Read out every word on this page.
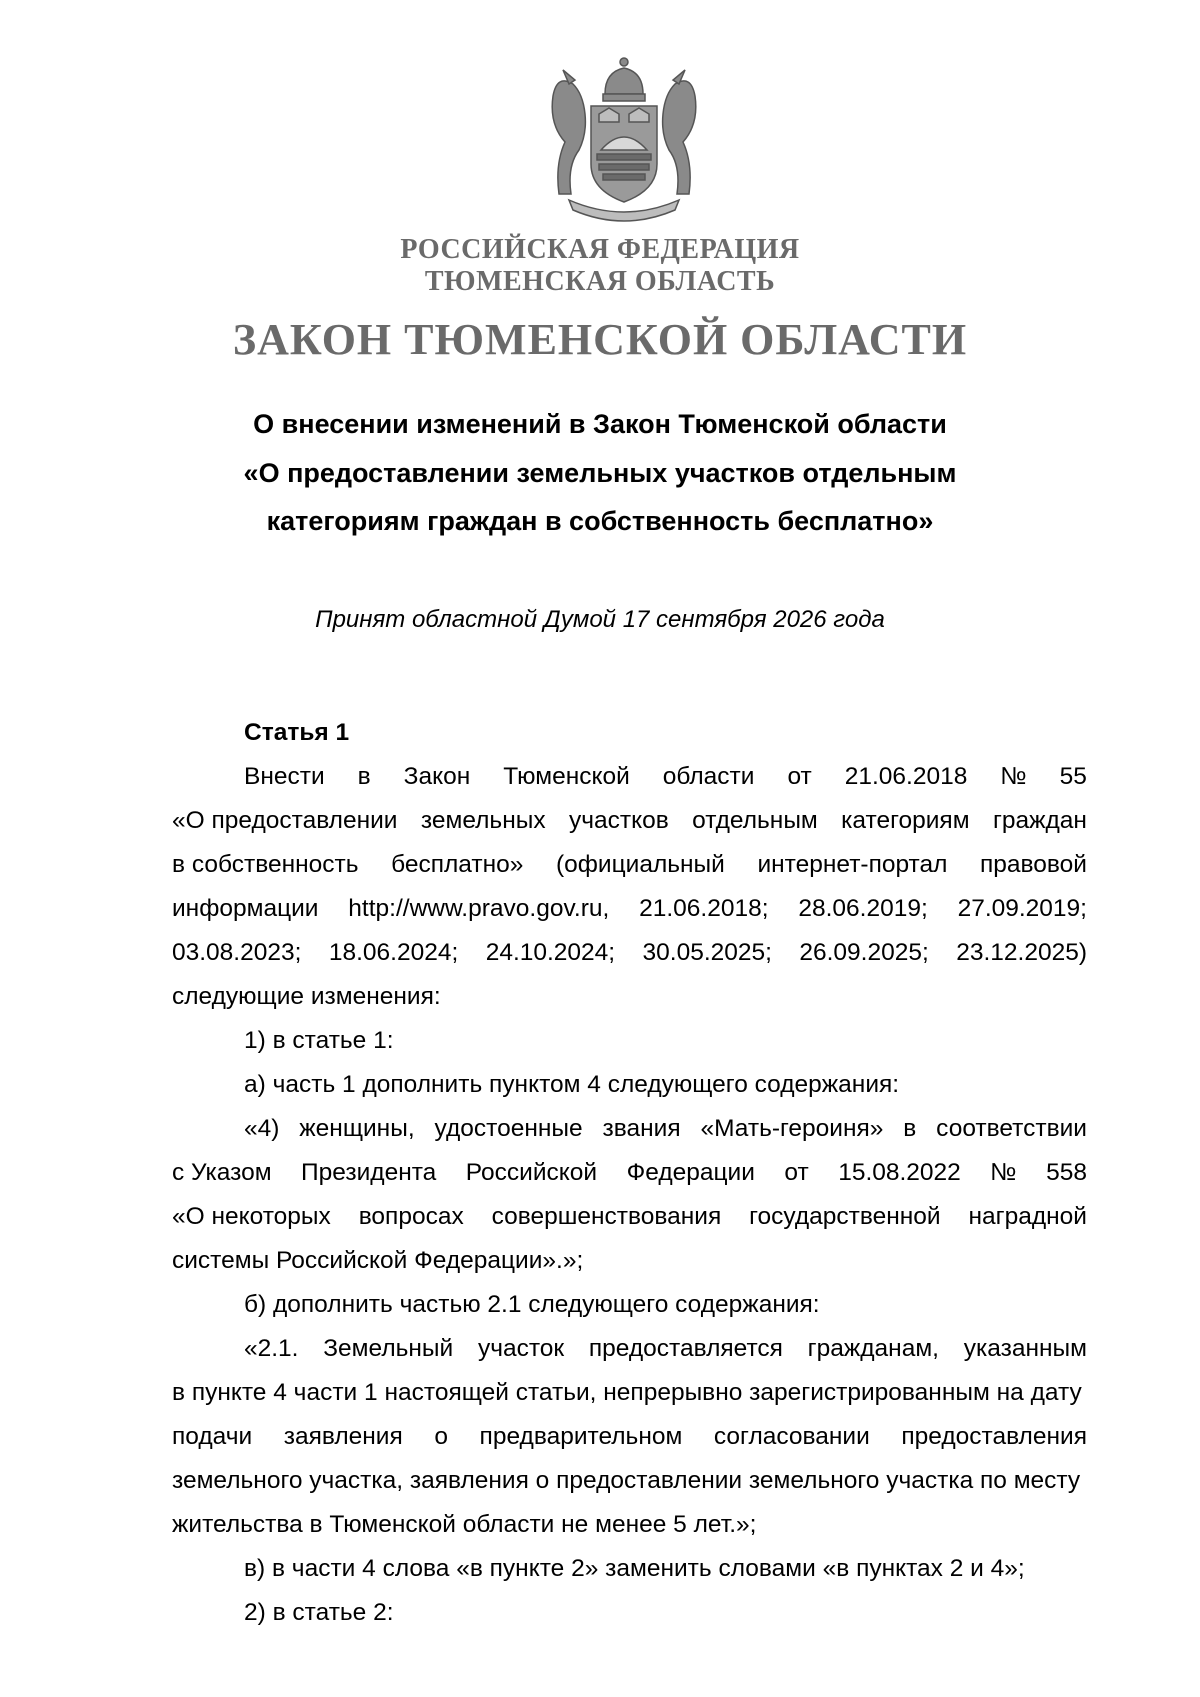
РОССИЙСКАЯ ФЕДЕРАЦИЯ
ТЮМЕНСКАЯ ОБЛАСТЬ
ЗАКОН ТЮМЕНСКОЙ ОБЛАСТИ
О внесении изменений в Закон Тюменской области
«О предоставлении земельных участков отдельным
категориям граждан в собственность бесплатно»
Принят областной Думой 17 сентября 2026 года
Статья 1
Внести в Закон Тюменской области от 21.06.2018 № 55
«О предоставлении земельных участков отдельным категориям граждан
в собственность бесплатно» (официальный интернет-портал правовой
информации http://www.pravo.gov.ru, 21.06.2018; 28.06.2019; 27.09.2019;
03.08.2023; 18.06.2024; 24.10.2024; 30.05.2025; 26.09.2025; 23.12.2025)
следующие изменения:
1) в статье 1:
а) часть 1 дополнить пунктом 4 следующего содержания:
«4) женщины, удостоенные звания «Мать-героиня» в соответствии
с Указом Президента Российской Федерации от 15.08.2022 № 558
«О некоторых вопросах совершенствования государственной наградной
системы Российской Федерации».»;
б) дополнить частью 2.1 следующего содержания:
«2.1. Земельный участок предоставляется гражданам, указанным
в пункте 4 части 1 настоящей статьи, непрерывно зарегистрированным на дату
подачи заявления о предварительном согласовании предоставления
земельного участка, заявления о предоставлении земельного участка по месту
жительства в Тюменской области не менее 5 лет.»;
в) в части 4 слова «в пункте 2» заменить словами «в пунктах 2 и 4»;
2) в статье 2:
